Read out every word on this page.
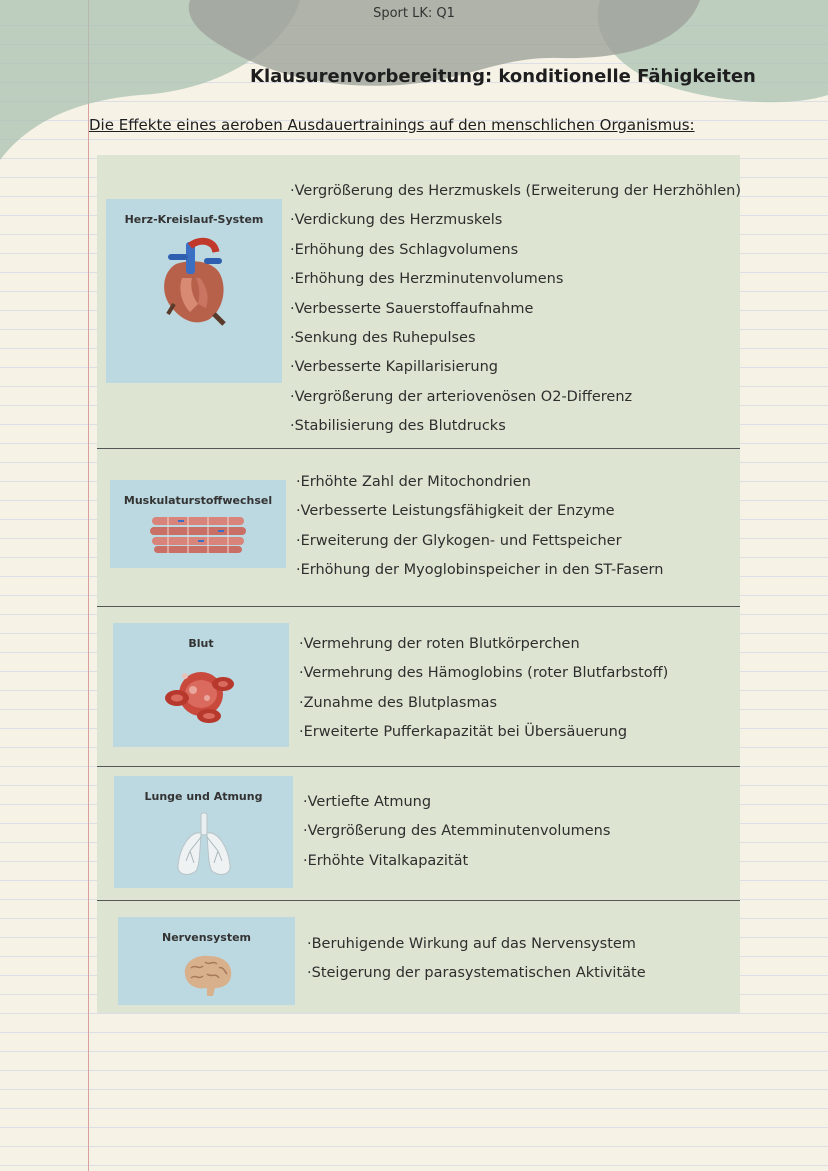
Sport LK: Q1
Klausurenvorbereitung: konditionelle Fähigkeiten
Die Effekte eines aeroben Ausdauertrainings auf den menschlichen Organismus:
Herz-Kreislauf-System
· Vergrößerung des Herzmuskels (Erweiterung der Herzhöhlen)
· Verdickung des Herzmuskels
· Erhöhung des Schlagvolumens
· Erhöhung des Herzminutenvolumens
· Verbesserte Sauerstoffaufnahme
· Senkung des Ruhepulses
· Verbesserte Kapillarisierung
· Vergrößerung der arteriovenösen O2-Differenz
· Stabilisierung des Blutdrucks
Muskulaturstoffwechsel
· Erhöhte Zahl der Mitochondrien
· Verbesserte Leistungsfähigkeit der Enzyme
· Erweiterung der Glykogen- und Fettspeicher
· Erhöhung der Myoglobinspeicher in den ST-Fasern
Blut	· Vermehrung der roten Blutkörperchen
· Vermehrung des Hämoglobins (roter Blutfarbstoff)
· Zunahme des Blutplasmas
· Erweiterte Pufferkapazität bei Übersäuerung
Lunge und Atmung	· Vertiefte Atmung
· Vergrößerung des Atemminutenvolumens
· Erhöhte Vitalkapazität
Nervensystem	· Beruhigende Wirkung auf das Nervensystem
· Steigerung der parasystematischen Aktivitäte
